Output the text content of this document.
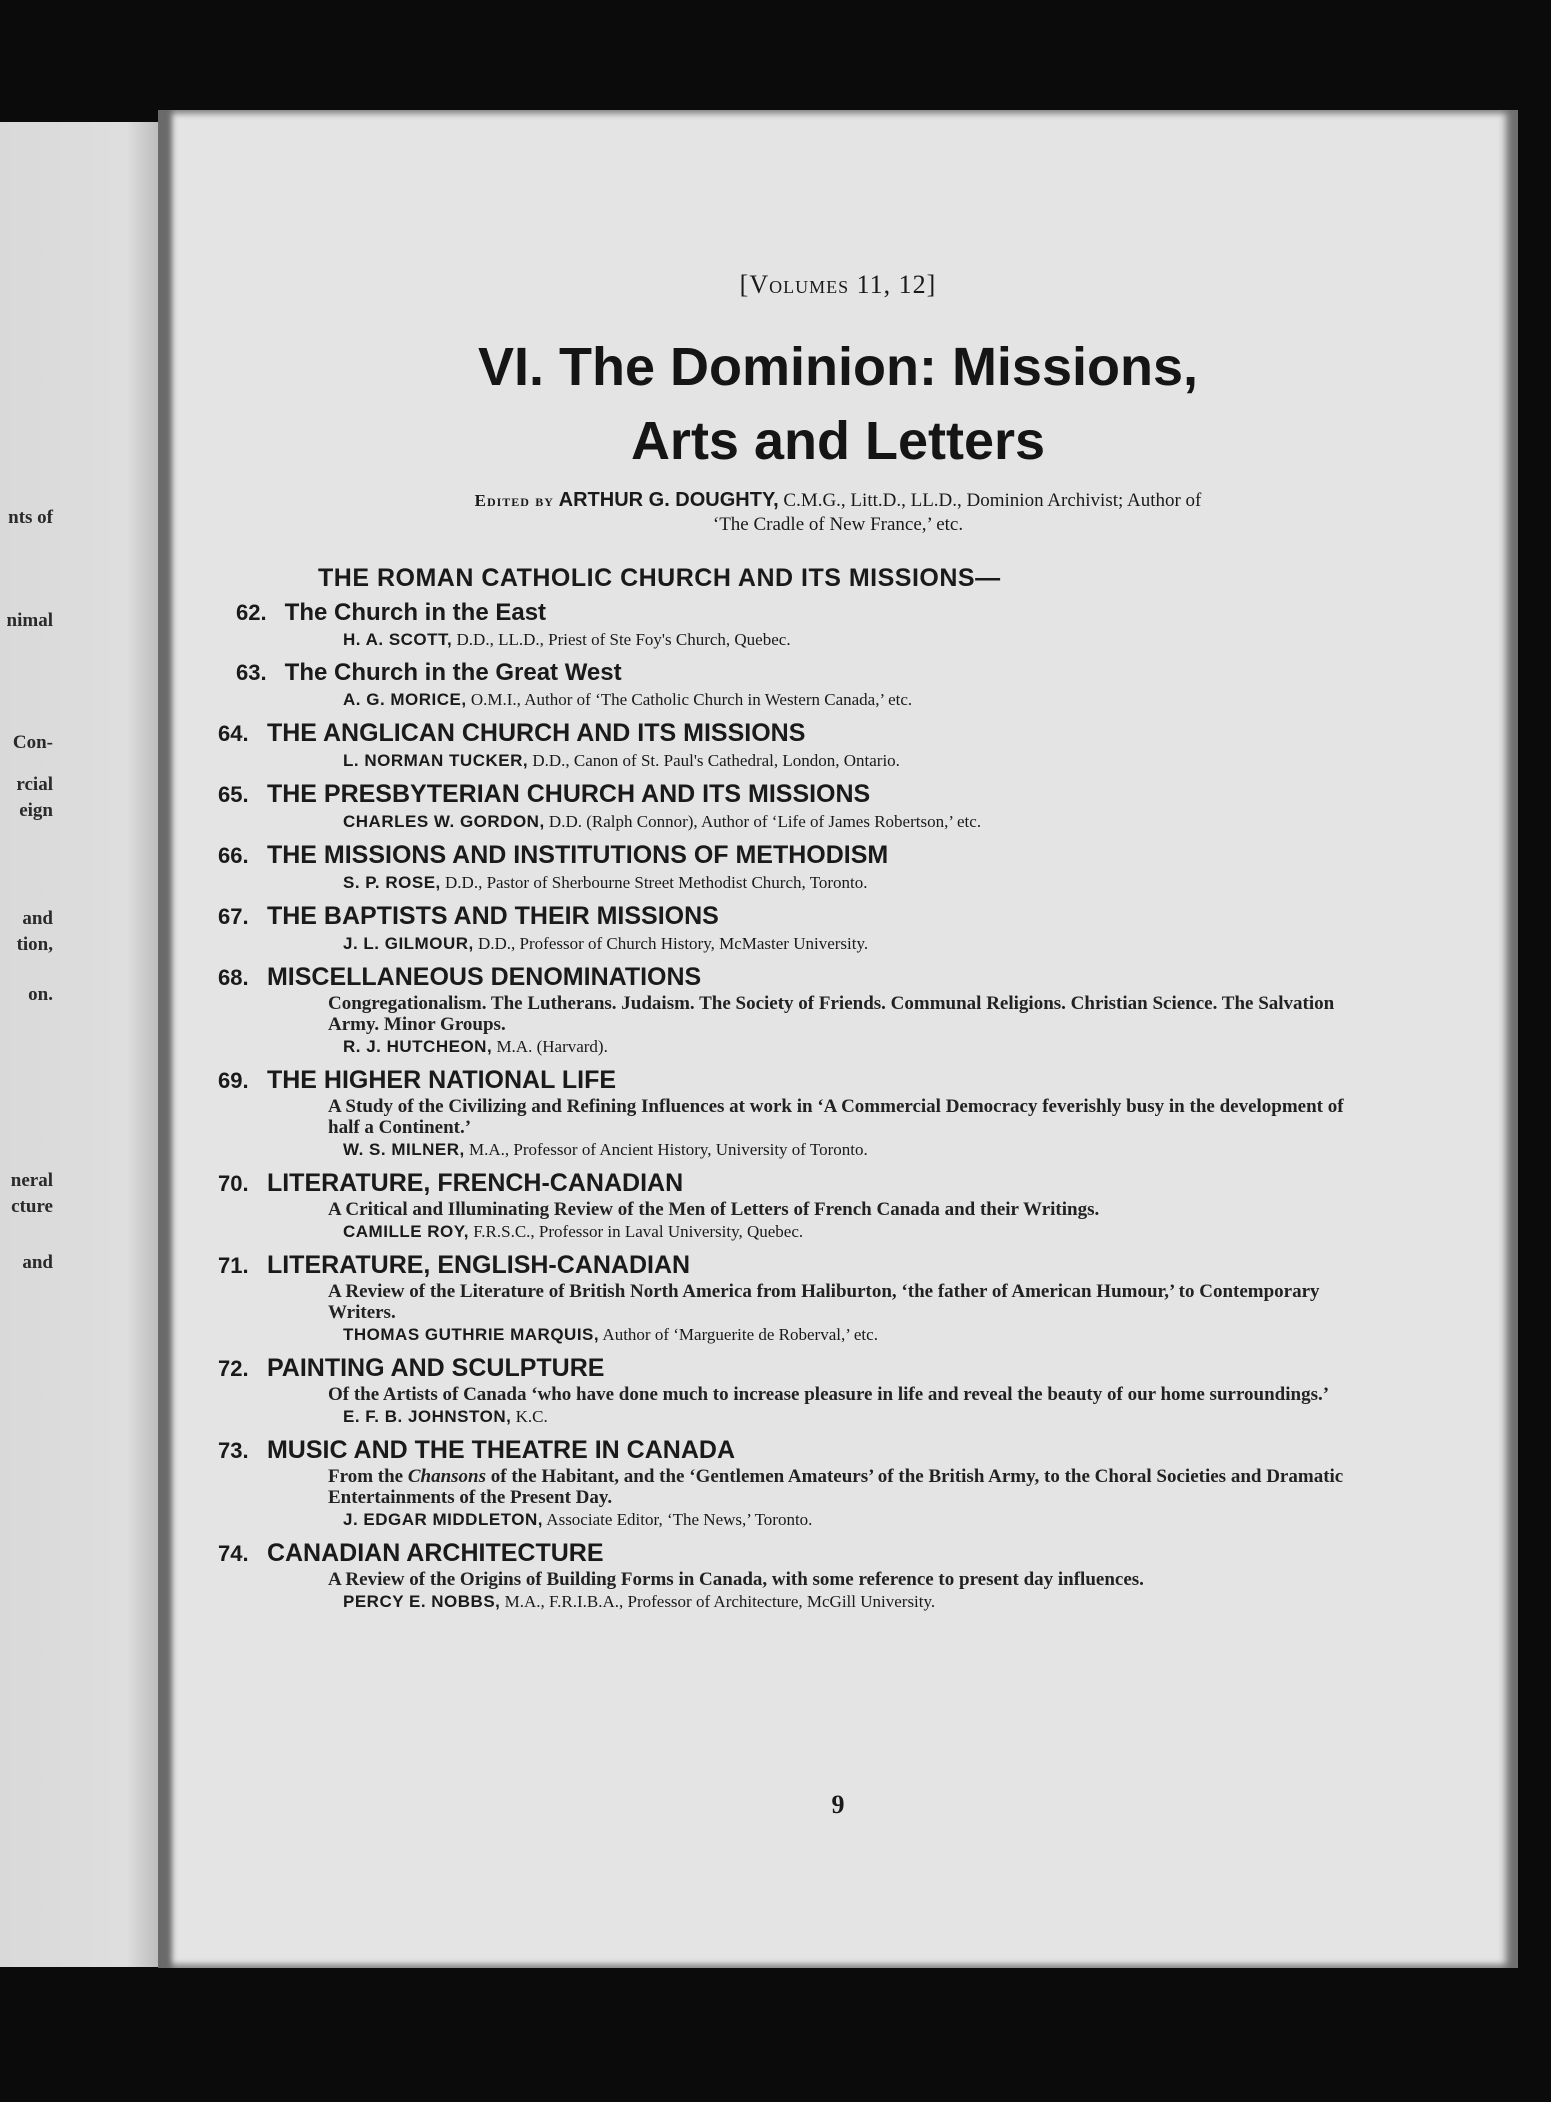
nts of
nimal
Con-
rcial
eign
and
tion,
on.
neral
cture
and
[Volumes 11, 12]
VI. The Dominion: Missions,
Arts and Letters
Edited by ARTHUR G. DOUGHTY, C.M.G., Litt.D., LL.D., Dominion Archivist; Author of
‘The Cradle of New France,’ etc.
THE ROMAN CATHOLIC CHURCH AND ITS MISSIONS—
62. The Church in the East
H. A. SCOTT, D.D., LL.D., Priest of Ste Foy's Church, Quebec.
63. The Church in the Great West
A. G. MORICE, O.M.I., Author of ‘The Catholic Church in Western Canada,’ etc.
64. THE ANGLICAN CHURCH AND ITS MISSIONS
L. NORMAN TUCKER, D.D., Canon of St. Paul's Cathedral, London, Ontario.
65. THE PRESBYTERIAN CHURCH AND ITS MISSIONS
CHARLES W. GORDON, D.D. (Ralph Connor), Author of ‘Life of James Robertson,’ etc.
66. THE MISSIONS AND INSTITUTIONS OF METHODISM
S. P. ROSE, D.D., Pastor of Sherbourne Street Methodist Church, Toronto.
67. THE BAPTISTS AND THEIR MISSIONS
J. L. GILMOUR, D.D., Professor of Church History, McMaster University.
68. MISCELLANEOUS DENOMINATIONS
Congregationalism. The Lutherans. Judaism. The Society of Friends. Communal Religions. Christian Science. The Salvation Army. Minor Groups.
R. J. HUTCHEON, M.A. (Harvard).
69. THE HIGHER NATIONAL LIFE
A Study of the Civilizing and Refining Influences at work in ‘A Commercial Democracy feverishly busy in the development of half a Continent.’
W. S. MILNER, M.A., Professor of Ancient History, University of Toronto.
70. LITERATURE, FRENCH-CANADIAN
A Critical and Illuminating Review of the Men of Letters of French Canada and their Writings.
CAMILLE ROY, F.R.S.C., Professor in Laval University, Quebec.
71. LITERATURE, ENGLISH-CANADIAN
A Review of the Literature of British North America from Haliburton, ‘the father of American Humour,’ to Contemporary Writers.
THOMAS GUTHRIE MARQUIS, Author of ‘Marguerite de Roberval,’ etc.
72. PAINTING AND SCULPTURE
Of the Artists of Canada ‘who have done much to increase pleasure in life and reveal the beauty of our home surroundings.’
E. F. B. JOHNSTON, K.C.
73. MUSIC AND THE THEATRE IN CANADA
From the Chansons of the Habitant, and the ‘Gentlemen Amateurs’ of the British Army, to the Choral Societies and Dramatic Entertainments of the Present Day.
J. EDGAR MIDDLETON, Associate Editor, ‘The News,’ Toronto.
74. CANADIAN ARCHITECTURE
A Review of the Origins of Building Forms in Canada, with some reference to present day influences.
PERCY E. NOBBS, M.A., F.R.I.B.A., Professor of Architecture, McGill University.
9
